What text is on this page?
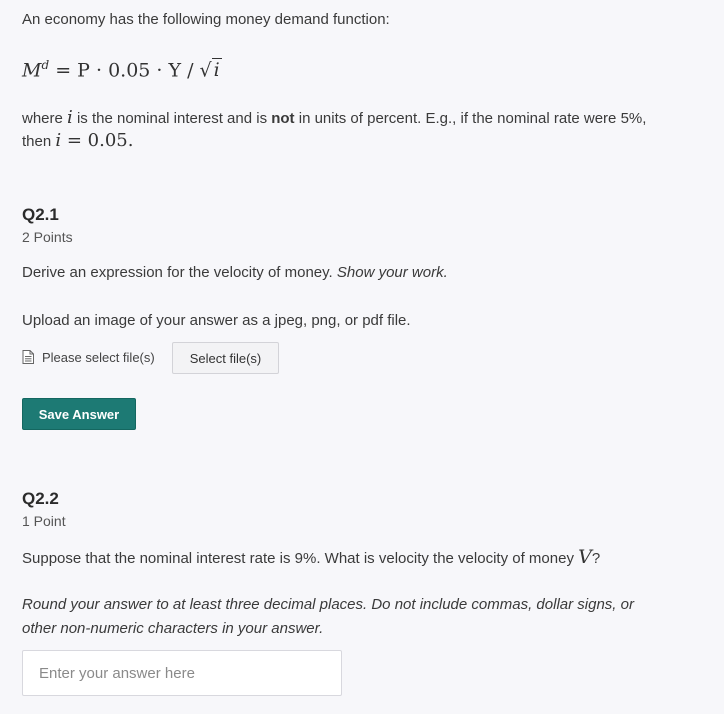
An economy has the following money demand function:
$M^d = P \cdot 0.05 \cdot Y$ / √ i
where i is the nominal interest and is not in units of percent. E.g., if the nominal rate were 5%,
then i = 0.05.
Q2.1
2 Points
Derive an expression for the velocity of money. Show your work.
Upload an image of your answer as a jpeg, png, or pdf file.
Please select file(s)	Select file(s)
Save Answer
Q2.2
1 Point
Suppose that the nominal interest rate is 9%. What is velocity the velocity of money V?
Round your answer to at least three decimal places. Do not include commas, dollar signs, or
other non-numeric characters in your answer.
Enter your answer here
